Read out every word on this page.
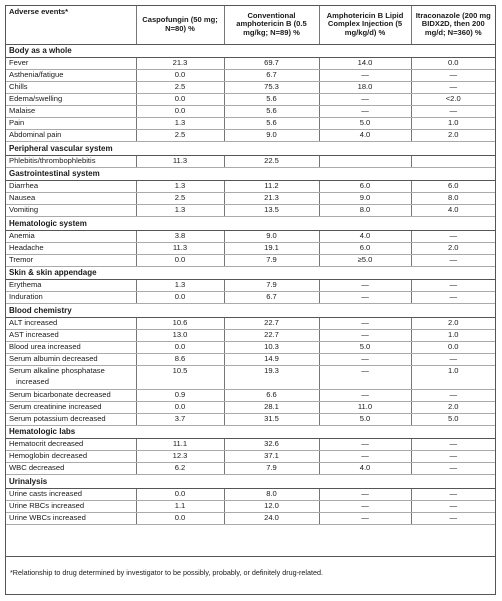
Adverse events*	Caspofungin (50 mg; N=80) %	Conventional amphotericin B (0.5 mg/kg; N=89) %	Amphotericin B Lipid Complex Injection (5 mg/kg/d) %	Itraconazole (200 mg BIDX2D, then 200 mg/d; N=360) %
Body as a whole				
Fever	21.3	69.7	14.0	0.0
Asthenia/fatigue	0.0	6.7	—	—
Chills	2.5	75.3	18.0	—
Edema/swelling	0.0	5.6	—	<2.0
Malaise	0.0	5.6	—	—
Pain	1.3	5.6	5.0	1.0
Abdominal pain	2.5	9.0	4.0	2.0
Peripheral vascular system				
Phlebitis/thrombophlebitis	11.3	22.5		
Gastrointestinal system				
Diarrhea	1.3	11.2	6.0	6.0
Nausea	2.5	21.3	9.0	8.0
Vomiting	1.3	13.5	8.0	4.0
Hematologic system				
Anemia	3.8	9.0	4.0	—
Headache	11.3	19.1	6.0	2.0
Tremor	0.0	7.9	≥5.0	—
Skin & skin appendage				
Erythema	1.3	7.9	—	—
Induration	0.0	6.7	—	—
Blood chemistry				
ALT increased	10.6	22.7	—	2.0
AST increased	13.0	22.7	—	1.0
Blood urea increased	0.0	10.3	5.0	0.0
Serum albumin decreased	8.6	14.9	—	—
Serum alkaline phosphatase	10.5	19.3	—	1.0
increased				
Serum bicarbonate decreased	0.9	6.6	—	—
Serum creatinine increased	0.0	28.1	11.0	2.0
Serum potassium decreased	3.7	31.5	5.0	5.0
Hematologic labs				
Hematocrit decreased	11.1	32.6	—	—
Hemoglobin decreased	12.3	37.1	—	—
WBC decreased	6.2	7.9	4.0	—
Urinalysis				
Urine casts increased	0.0	8.0	—	—
Urine RBCs increased	1.1	12.0	—	—
Urine WBCs increased	0.0	24.0	—	—
*Relationship to drug determined by investigator to be possibly, probably, or definitely drug-related.
